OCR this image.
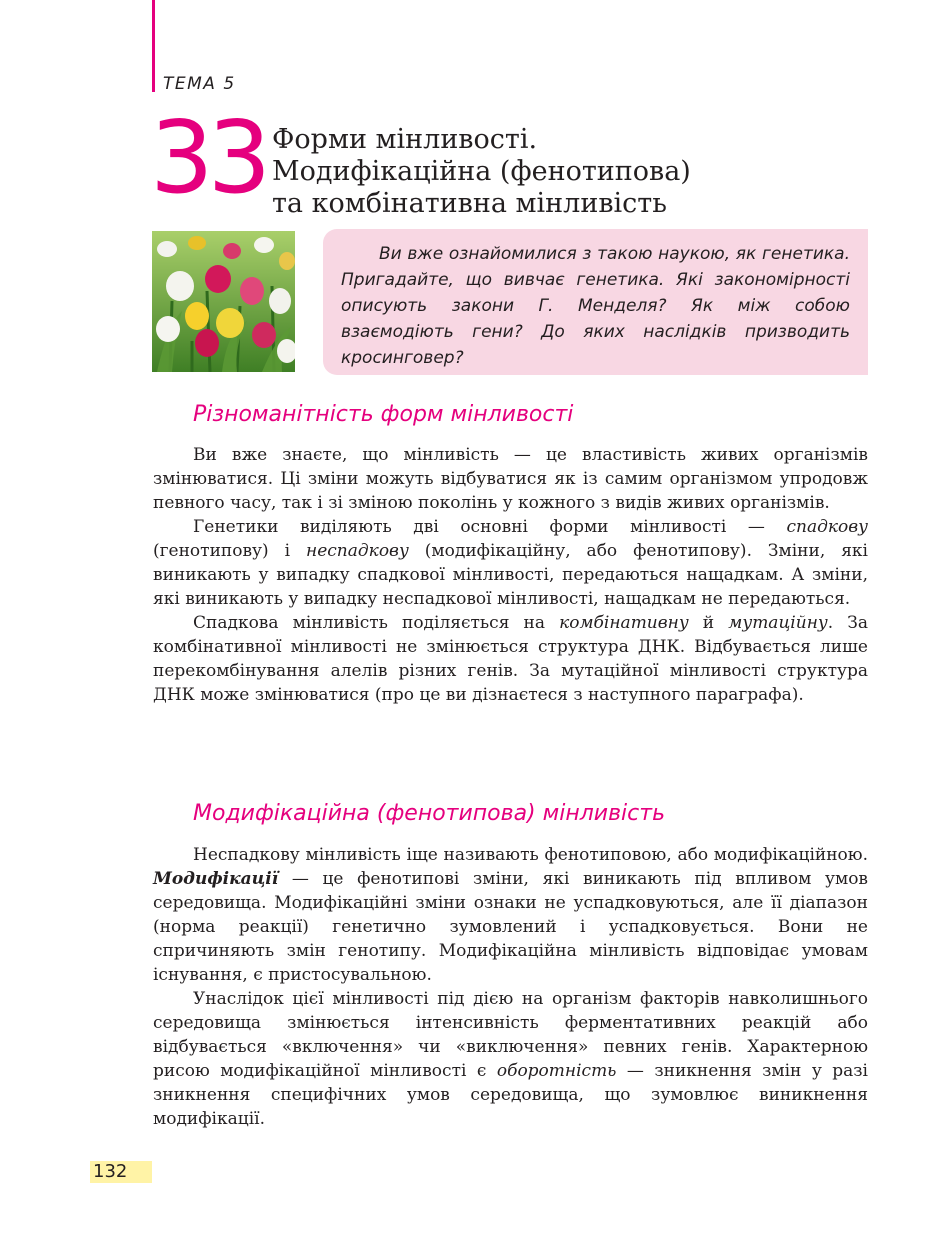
ТЕМА 5
33 Форми мінливості.
Модифікаційна (фенотипова)
та комбінативна мінливість

Ви вже ознайомилися з такою наукою, як генетика. Пригадайте, що вивчає генетика. Які закономірності описують закони Г. Менделя? Як між собою взаємодіють гени? До яких наслідків призводить кросинговер?

Різноманітність форм мінливості

Ви вже знаєте, що мінливість — це властивість живих організмів змінюватися. Ці зміни можуть відбуватися як із самим організмом упродовж певного часу, так і зі зміною поколінь у кожного з видів живих організмів.

Генетики виділяють дві основні форми мінливості — спадкову (генотипову) і неспадкову (модифікаційну, або фенотипову). Зміни, які виникають у випадку спадкової мінливості, передаються нащадкам. А зміни, які виникають у випадку неспадкової мінливості, нащадкам не передаються.

Спадкова мінливість поділяється на комбінативну й мутаційну. За комбінативної мінливості не змінюється структура ДНК. Відбувається лише перекомбінування алелів різних генів. За мутаційної мінливості структура ДНК може змінюватися (про це ви дізнаєтеся з наступного параграфа).

Модифікаційна (фенотипова) мінливість

Неспадкову мінливість іще називають фенотиповою, або модифікаційною. Модифікації — це фенотипові зміни, які виникають під впливом умов середовища. Модифікаційні зміни ознаки не успадковуються, але її діапазон (норма реакції) генетично зумовлений і успадковується. Вони не спричиняють змін генотипу. Модифікаційна мінливість відповідає умовам існування, є пристосувальною.

Унаслідок цієї мінливості під дією на організм факторів навколишнього середовища змінюється інтенсивність ферментативних реакцій або відбувається «включення» чи «виключення» певних генів. Характерною рисою модифікаційної мінливості є оборотність — зникнення змін у разі зникнення специфічних умов середовища, що зумовлює виникнення модифікації.

132
